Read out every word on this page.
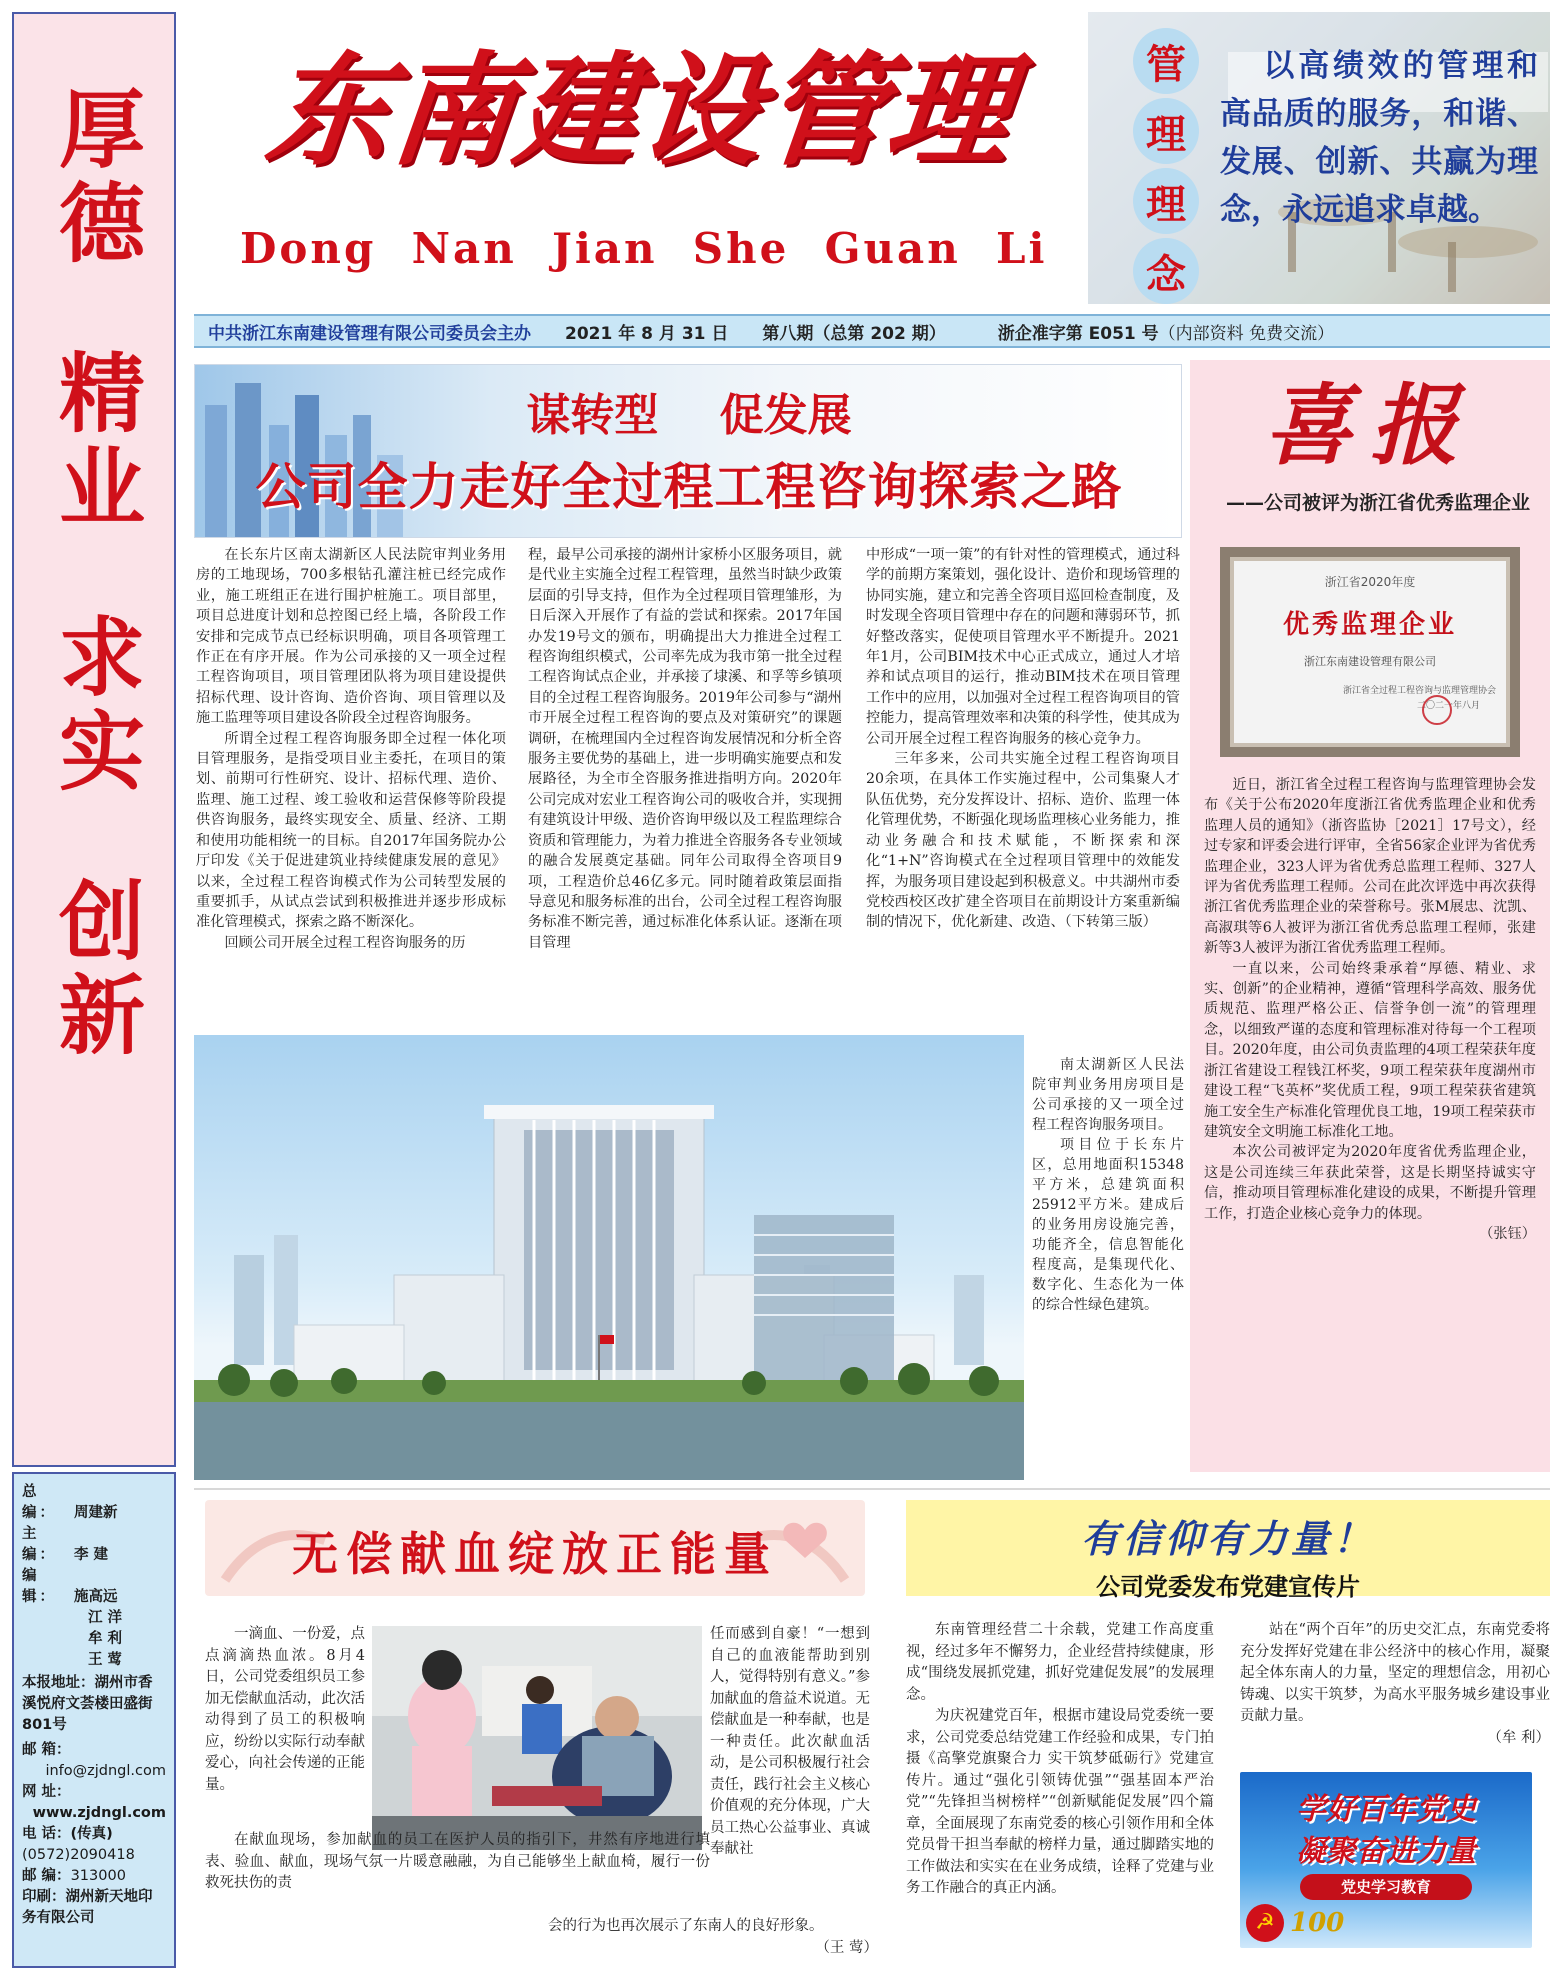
厚德
精业
求实
创新
总 编： 周建新
主 编： 李 建
编 辑： 施高远
江 洋
牟 利
王 莺
本报地址：湖州市香溪悦府文荟楼田盛街801号
邮 箱：
info@zjdngl.com
网 址：
www.zjdngl.com
电 话：(传真)
(0572)2090418
邮 编：313000
印刷：湖州新天地印务有限公司
东南建设管理
Dong  Nan  Jian  She  Guan  Li
管
理
理
念
以高绩效的管理和高品质的服务，和谐、发展、创新、共赢为理念，永远追求卓越。
中共浙江东南建设管理有限公司委员会主办 2021 年 8 月 31 日 第八期（总第 202 期）	浙企准字第 E051 号 （内部资料 免费交流）
谋转型    促发展
公司全力走好全过程工程咨询探索之路

在长东片区南太湖新区人民法院审判业务用房的工地现场，700多根钻孔灌注桩已经完成作业，施工班组正在进行围护桩施工。项目部里，项目总进度计划和总控图已经上墙，各阶段工作安排和完成节点已经标识明确，项目各项管理工作正在有序开展。作为公司承接的又一项全过程工程咨询项目，项目管理团队将为项目建设提供招标代理、设计咨询、造价咨询、项目管理以及施工监理等项目建设各阶段全过程咨询服务。

所谓全过程工程咨询服务即全过程一体化项目管理服务，是指受项目业主委托，在项目的策划、前期可行性研究、设计、招标代理、造价、监理、施工过程、竣工验收和运营保修等阶段提供咨询服务，最终实现安全、质量、经济、工期和使用功能相统一的目标。自2017年国务院办公厅印发《关于促进建筑业持续健康发展的意见》以来，全过程工程咨询模式作为公司转型发展的重要抓手，从试点尝试到积极推进并逐步形成标准化管理模式，探索之路不断深化。

回顾公司开展全过程工程咨询服务的历

程，最早公司承接的湖州计家桥小区服务项目，就是代业主实施全过程工程管理，虽然当时缺少政策层面的引导支持，但作为全过程项目管理雏形，为日后深入开展作了有益的尝试和探索。2017年国办发19号文的颁布，明确提出大力推进全过程工程咨询组织模式，公司率先成为我市第一批全过程工程咨询试点企业，并承接了埭溪、和孚等乡镇项目的全过程工程咨询服务。2019年公司参与“湖州市开展全过程工程咨询的要点及对策研究”的课题调研，在梳理国内全过程咨询发展情况和分析全咨服务主要优势的基础上，进一步明确实施要点和发展路径，为全市全咨服务推进指明方向。2020年公司完成对宏业工程咨询公司的吸收合并，实现拥有建筑设计甲级、造价咨询甲级以及工程监理综合资质和管理能力，为着力推进全咨服务各专业领域的融合发展奠定基础。同年公司取得全咨项目9项，工程造价总46亿多元。同时随着政策层面指导意见和服务标准的出台，公司全过程工程咨询服务标准不断完善，通过标准化体系认证。逐渐在项目管理

中形成“一项一策”的有针对性的管理模式，通过科学的前期方案策划，强化设计、造价和现场管理的协同实施，建立和完善全咨项目巡回检查制度，及时发现全咨项目管理中存在的问题和薄弱环节，抓好整改落实，促使项目管理水平不断提升。2021年1月，公司BIM技术中心正式成立，通过人才培养和试点项目的运行，推动BIM技术在项目管理工作中的应用，以加强对全过程工程咨询项目的管控能力，提高管理效率和决策的科学性，使其成为公司开展全过程工程咨询服务的核心竞争力。

三年多来，公司共实施全过程工程咨询项目20余项，在具体工作实施过程中，公司集聚人才队伍优势，充分发挥设计、招标、造价、监理一体化管理优势，不断强化现场监理核心业务能力，推动业务融合和技术赋能，不断探索和深化“1+N”咨询模式在全过程项目管理中的效能发挥，为服务项目建设起到积极意义。中共湖州市委党校西校区改扩建全咨项目在前期设计方案重新编制的情况下，优化新建、改造、（下转第三版）

南太湖新区人民法院审判业务用房项目是公司承接的又一项全过程工程咨询服务项目。
项目位于长东片区，总用地面积15348平方米，总建筑面积25912平方米。建成后的业务用房设施完善，功能齐全，信息智能化程度高，是集现代化、数字化、生态化为一体的综合性绿色建筑。
喜报
——公司被评为浙江省优秀监理企业
浙江省2020年度
优秀监理企业
浙江东南建设管理有限公司
浙江省全过程工程咨询与监理管理协会
二〇二一年八月

近日，浙江省全过程工程咨询与监理管理协会发布《关于公布2020年度浙江省优秀监理企业和优秀监理人员的通知》（浙咨监协［2021］17号文），经过专家和评委会进行评审，全省56家企业评为省优秀监理企业，323人评为省优秀总监理工程师、327人评为省优秀监理工程师。公司在此次评选中再次获得浙江省优秀监理企业的荣誉称号。张M展忠、沈凯、高淑琪等6人被评为浙江省优秀总监理工程师，张建新等3人被评为浙江省优秀监理工程师。

一直以来，公司始终秉承着“厚德、精业、求实、创新”的企业精神，遵循“管理科学高效、服务优质规范、监理严格公正、信誉争创一流”的管理理念，以细致严谨的态度和管理标准对待每一个工程项目。2020年度，由公司负责监理的4项工程荣获年度浙江省建设工程钱江杯奖，9项工程荣获年度湖州市建设工程“飞英杯”奖优质工程，9项工程荣获省建筑施工安全生产标准化管理优良工地，19项工程荣获市建筑安全文明施工标准化工地。

本次公司被评定为2020年度省优秀监理企业，这是公司连续三年获此荣誉，这是长期坚持诚实守信，推动项目管理标准化建设的成果，不断提升管理工作，打造企业核心竞争力的体现。

（张钰）
无偿献血绽放正能量
一滴血、一份爱，点点滴滴热血浓。8月4日，公司党委组织员工参加无偿献血活动，此次活动得到了员工的积极响应，纷纷以实际行动奉献爱心，向社会传递的正能量。
在献血现场，参加献血的员工在医护人员的指引下，井然有序地进行填表、验血、献血，现场气氛一片暖意融融，为自己能够坐上献血椅，履行一份救死扶伤的责
任而感到自豪！“一想到自己的血液能帮助到别人，觉得特别有意义。”参加献血的詹益术说道。无偿献血是一种奉献，也是一种责任。此次献血活动，是公司积极履行社会责任，践行社会主义核心价值观的充分体现，广大员工热心公益事业、真诚奉献社
会的行为也再次展示了东南人的良好形象。
（王 莺）
有信仰有力量！
公司党委发布党建宣传片

东南管理经营二十余载，党建工作高度重视，经过多年不懈努力，企业经营持续健康，形成“围绕发展抓党建，抓好党建促发展”的发展理念。

为庆祝建党百年，根据市建设局党委统一要求，公司党委总结党建工作经验和成果，专门拍摄《高擎党旗聚合力 实干筑梦砥砺行》党建宣传片。通过“强化引领铸优强”“强基固本严治党”“先锋担当树榜样”“创新赋能促发展”四个篇章，全面展现了东南党委的核心引领作用和全体党员骨干担当奉献的榜样力量，通过脚踏实地的工作做法和实实在在业务成绩，诠释了党建与业务工作融合的真正内涵。

站在“两个百年”的历史交汇点，东南党委将充分发挥好党建在非公经济中的核心作用，凝聚起全体东南人的力量，坚定的理想信念，用初心铸魂、以实干筑梦，为高水平服务城乡建设事业贡献力量。
（牟 利）
学好百年党史
凝聚奋进力量
党史学习教育
☭ 100
